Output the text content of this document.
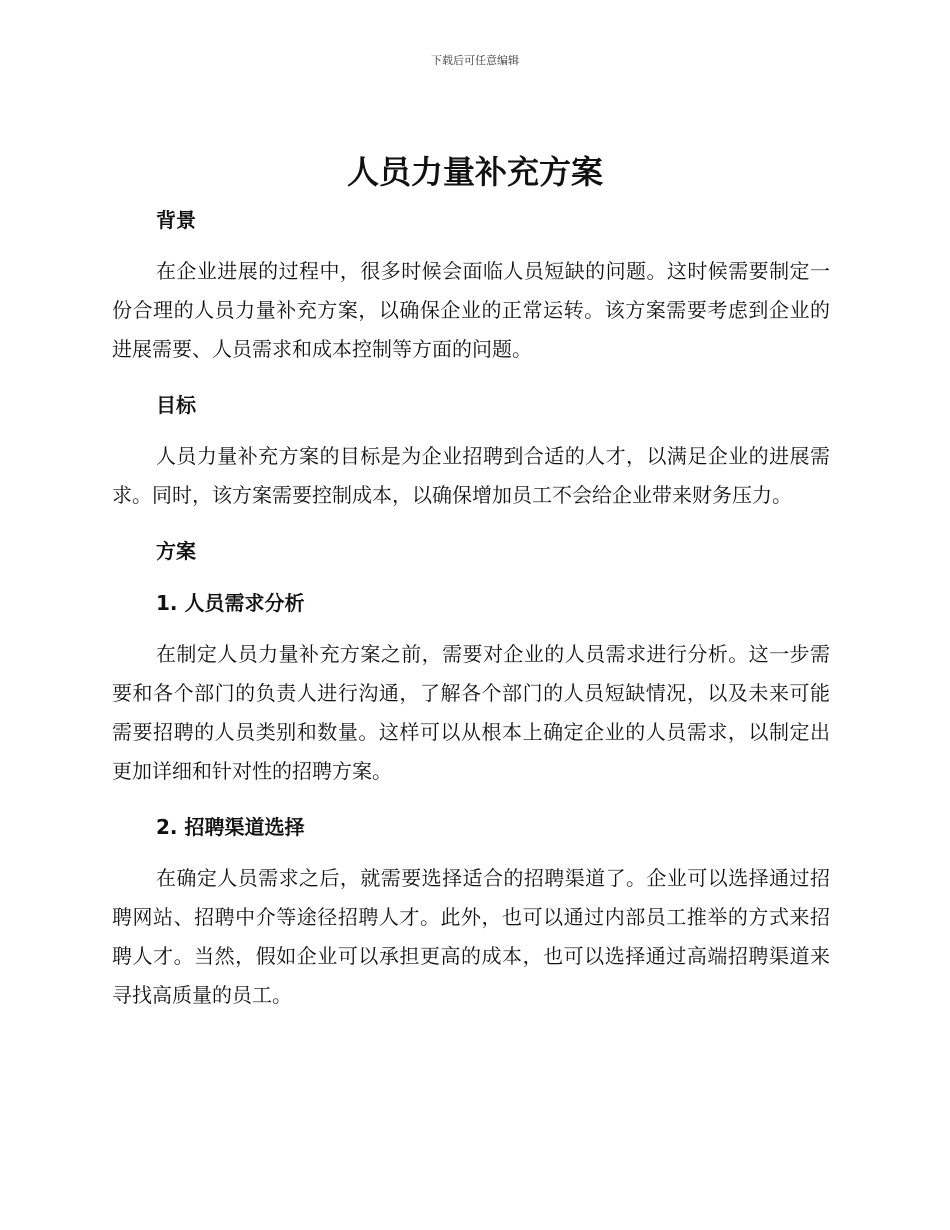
下载后可任意编辑
人员力量补充方案
背景

在企业进展的过程中，很多时候会面临人员短缺的问题。这时候需要制定一份合理的人员力量补充方案，以确保企业的正常运转。该方案需要考虑到企业的进展需要、人员需求和成本控制等方面的问题。

目标

人员力量补充方案的目标是为企业招聘到合适的人才，以满足企业的进展需求。同时，该方案需要控制成本，以确保增加员工不会给企业带来财务压力。

方案
1. 人员需求分析

在制定人员力量补充方案之前，需要对企业的人员需求进行分析。这一步需要和各个部门的负责人进行沟通，了解各个部门的人员短缺情况，以及未来可能需要招聘的人员类别和数量。这样可以从根本上确定企业的人员需求，以制定出更加详细和针对性的招聘方案。

2. 招聘渠道选择

在确定人员需求之后，就需要选择适合的招聘渠道了。企业可以选择通过招聘网站、招聘中介等途径招聘人才。此外，也可以通过内部员工推举的方式来招聘人才。当然，假如企业可以承担更高的成本，也可以选择通过高端招聘渠道来寻找高质量的员工。
